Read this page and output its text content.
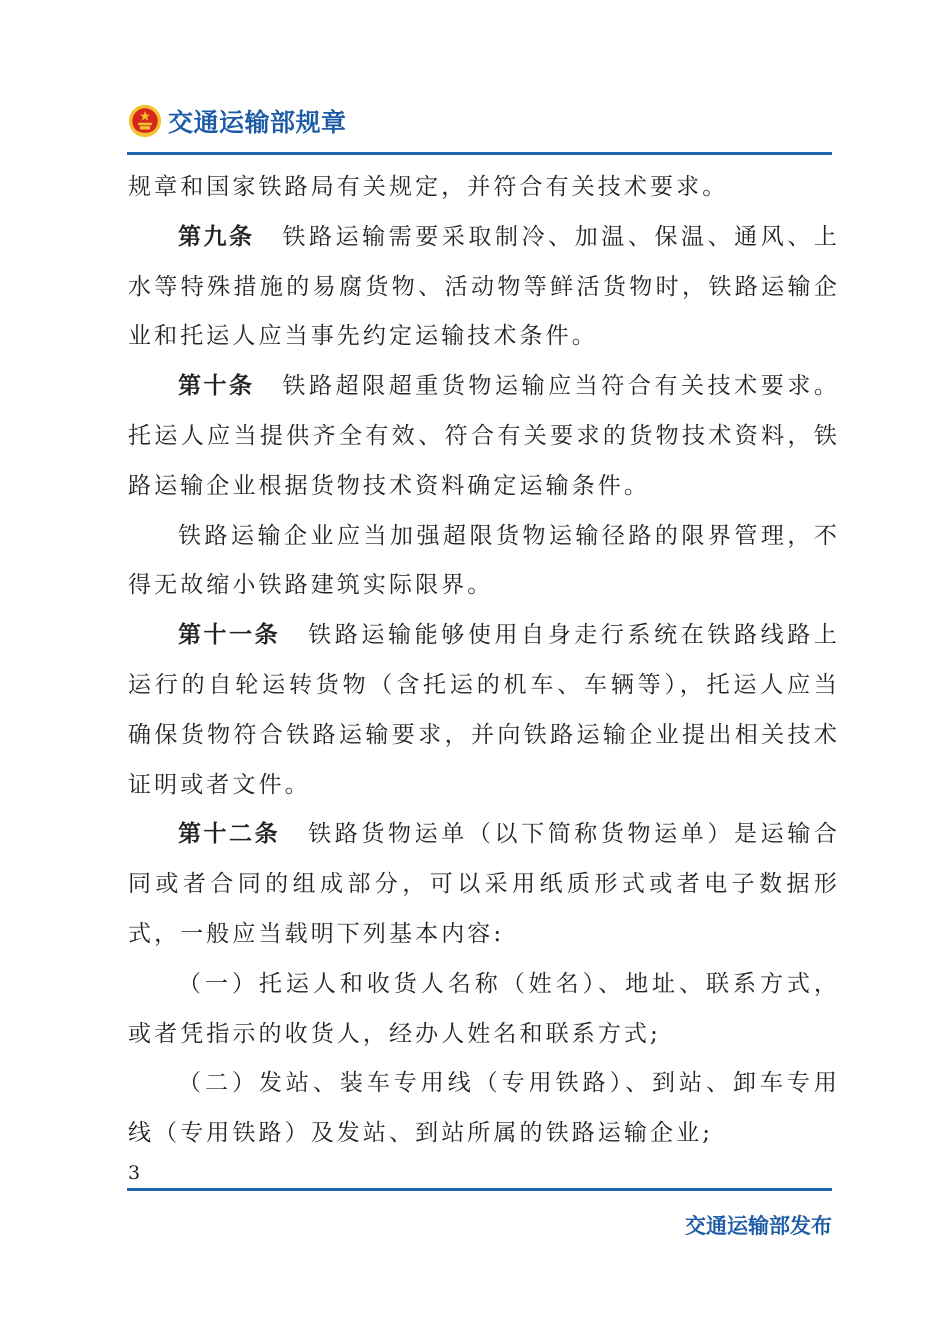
交通运输部规章

规章和国家铁路局有关规定，并符合有关技术要求。

第九条 铁路运输需要采取制冷、加温、保温、通风、上水等特殊措施的易腐货物、活动物等鲜活货物时，铁路运输企业和托运人应当事先约定运输技术条件。

第十条 铁路超限超重货物运输应当符合有关技术要求。托运人应当提供齐全有效、符合有关要求的货物技术资料，铁路运输企业根据货物技术资料确定运输条件。

铁路运输企业应当加强超限货物运输径路的限界管理，不得无故缩小铁路建筑实际限界。

第十一条 铁路运输能够使用自身走行系统在铁路线路上运行的自轮运转货物（含托运的机车、车辆等），托运人应当确保货物符合铁路运输要求，并向铁路运输企业提出相关技术证明或者文件。

第十二条 铁路货物运单（以下简称货物运单）是运输合同或者合同的组成部分，可以采用纸质形式或者电子数据形式，一般应当载明下列基本内容:

（一）托运人和收货人名称（姓名）、地址、联系方式，或者凭指示的收货人，经办人姓名和联系方式;

（二）发站、装车专用线（专用铁路）、到站、卸车专用线（专用铁路）及发站、到站所属的铁路运输企业;

3
交通运输部发布
